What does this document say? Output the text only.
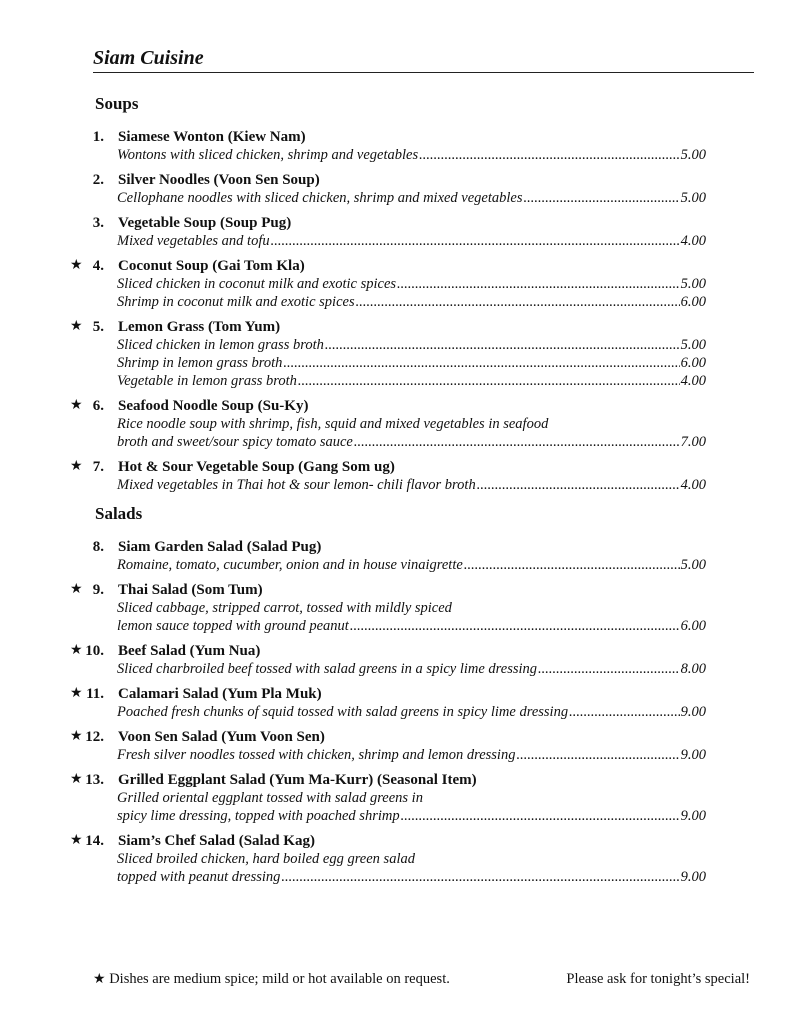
Siam Cuisine
Soups
1. Siamese Wonton (Kiew Nam)
Wontons with sliced chicken, shrimp and vegetables .....	5.00
2. Silver Noodles (Voon Sen Soup)
Cellophane noodles with sliced chicken, shrimp and mixed vegetables .....	5.00
3. Vegetable Soup (Soup Pug)
Mixed vegetables and tofu .....	4.00
★ 4. Coconut Soup (Gai Tom Kla)
Sliced chicken in coconut milk and exotic spices .....	5.00
Shrimp in coconut milk and exotic spices .....	6.00
★ 5. Lemon Grass (Tom Yum)
Sliced chicken in lemon grass broth .....	5.00
Shrimp in lemon grass broth .....	6.00
Vegetable in lemon grass broth .....	4.00
★ 6. Seafood Noodle Soup (Su-Ky)
Rice noodle soup with shrimp, fish, squid and mixed vegetables in seafood
broth and sweet/sour spicy tomato sauce .....	7.00
★ 7. Hot & Sour Vegetable Soup (Gang Som ug)
Mixed vegetables in Thai hot & sour lemon- chili flavor broth .....	4.00
Salads
8. Siam Garden Salad (Salad Pug)
Romaine, tomato, cucumber, onion and in house vinaigrette .....	5.00
★ 9. Thai Salad (Som Tum)
Sliced cabbage, stripped carrot, tossed with mildly spiced
lemon sauce topped with ground peanut .....	6.00
★ 10. Beef Salad (Yum Nua)
Sliced charbroiled beef tossed with salad greens in a spicy lime dressing .....	8.00
★ 11. Calamari Salad (Yum Pla Muk)
Poached fresh chunks of squid tossed with salad greens in spicy lime dressing .....	9.00
★ 12. Voon Sen Salad (Yum Voon Sen)
Fresh silver noodles tossed with chicken, shrimp and lemon dressing .....	9.00
★ 13. Grilled Eggplant Salad (Yum Ma-Kurr) (Seasonal Item)
Grilled oriental eggplant tossed with salad greens in
spicy lime dressing, topped with poached shrimp .....	9.00
★ 14. Siam’s Chef Salad (Salad Kag)
Sliced broiled chicken, hard boiled egg green salad
topped with peanut dressing .....	9.00
★ Dishes are medium spice; mild or hot available on request.	Please ask for tonight’s special!
